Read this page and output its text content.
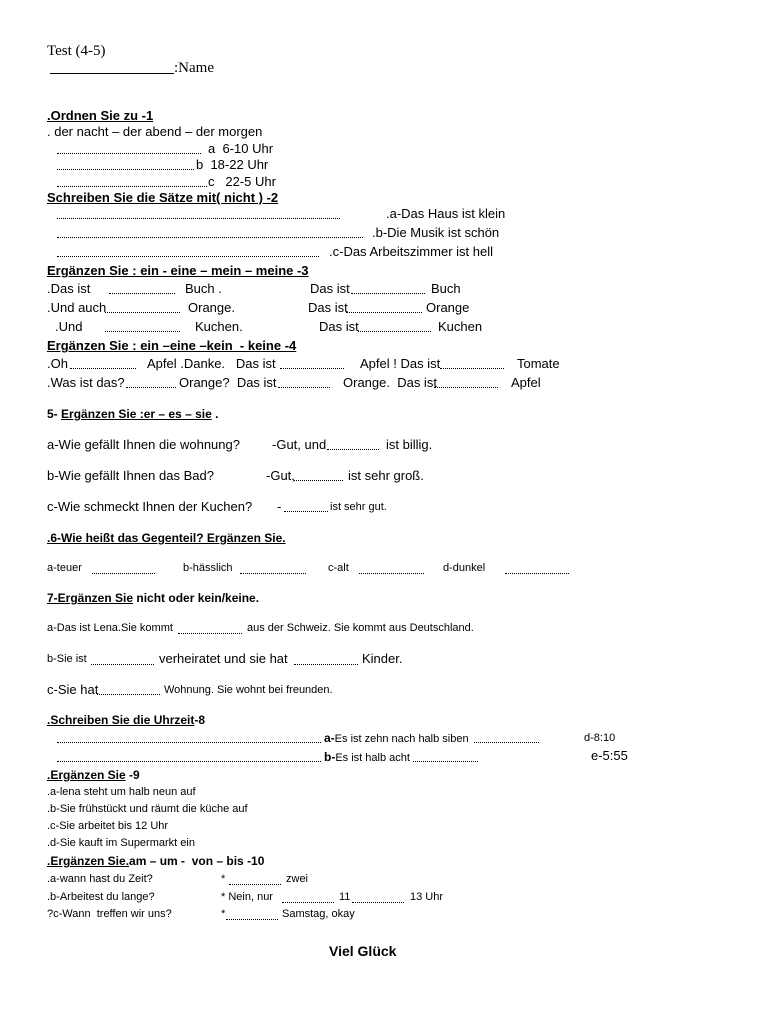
Test (4-5)
:Name
.Ordnen Sie zu -1
. der nacht – der abend – der morgen
a  6-10 Uhr
b  18-22 Uhr
c   22-5 Uhr
Schreiben Sie die Sätze mit( nicht ) -2
.a-Das Haus ist klein
.b-Die Musik ist schön
.c-Das Arbeitszimmer ist hell
Ergänzen Sie : ein - eine – mein – meine -3
.Das ist	Buch .	Das ist	Buch
.Und auch	Orange.	Das ist	Orange
.Und	Kuchen.	Das ist	Kuchen
Ergänzen Sie : ein –eine –kein  - keine -4
.Oh	Apfel .Danke.   Das ist	Apfel ! Das ist	Tomate
.Was ist das?	Orange?  Das ist	Orange.  Das ist	Apfel
5- Ergänzen Sie :er – es – sie .
a-Wie gefällt Ihnen die wohnung? -Gut, und	ist billig.
b-Wie gefällt Ihnen das Bad?	-Gut,	ist sehr groß.
c-Wie schmeckt Ihnen der Kuchen? -	ist sehr gut.
.6-Wie heißt das Gegenteil? Ergänzen Sie.
a-teuer	b-hässlich	c-alt	d-dunkel
7-Ergänzen Sie nicht oder kein/keine.
a-Das ist Lena.Sie kommt	aus der Schweiz. Sie kommt aus Deutschland.
b-Sie ist	verheiratet und sie hat	Kinder.
c-Sie hat	Wohnung. Sie wohnt bei freunden.
.Schreiben Sie die Uhrzeit-8
a-Es ist zehn nach halb siben	d-8:10
b-Es ist halb acht	e-5:55
.Ergänzen Sie -9
.a-lena steht um halb neun auf
.b-Sie frühstückt und räumt die küche auf
.c-Sie arbeitet bis 12 Uhr
.d-Sie kauft im Supermarkt ein
.Ergänzen Sie.am – um -  von – bis -10
.a-wann hast du Zeit?	*	zwei
.b-Arbeitest du lange?	* Nein, nur	11	13 Uhr
?c-Wann  treffen wir uns?	*	Samstag, okay
Viel Glück
